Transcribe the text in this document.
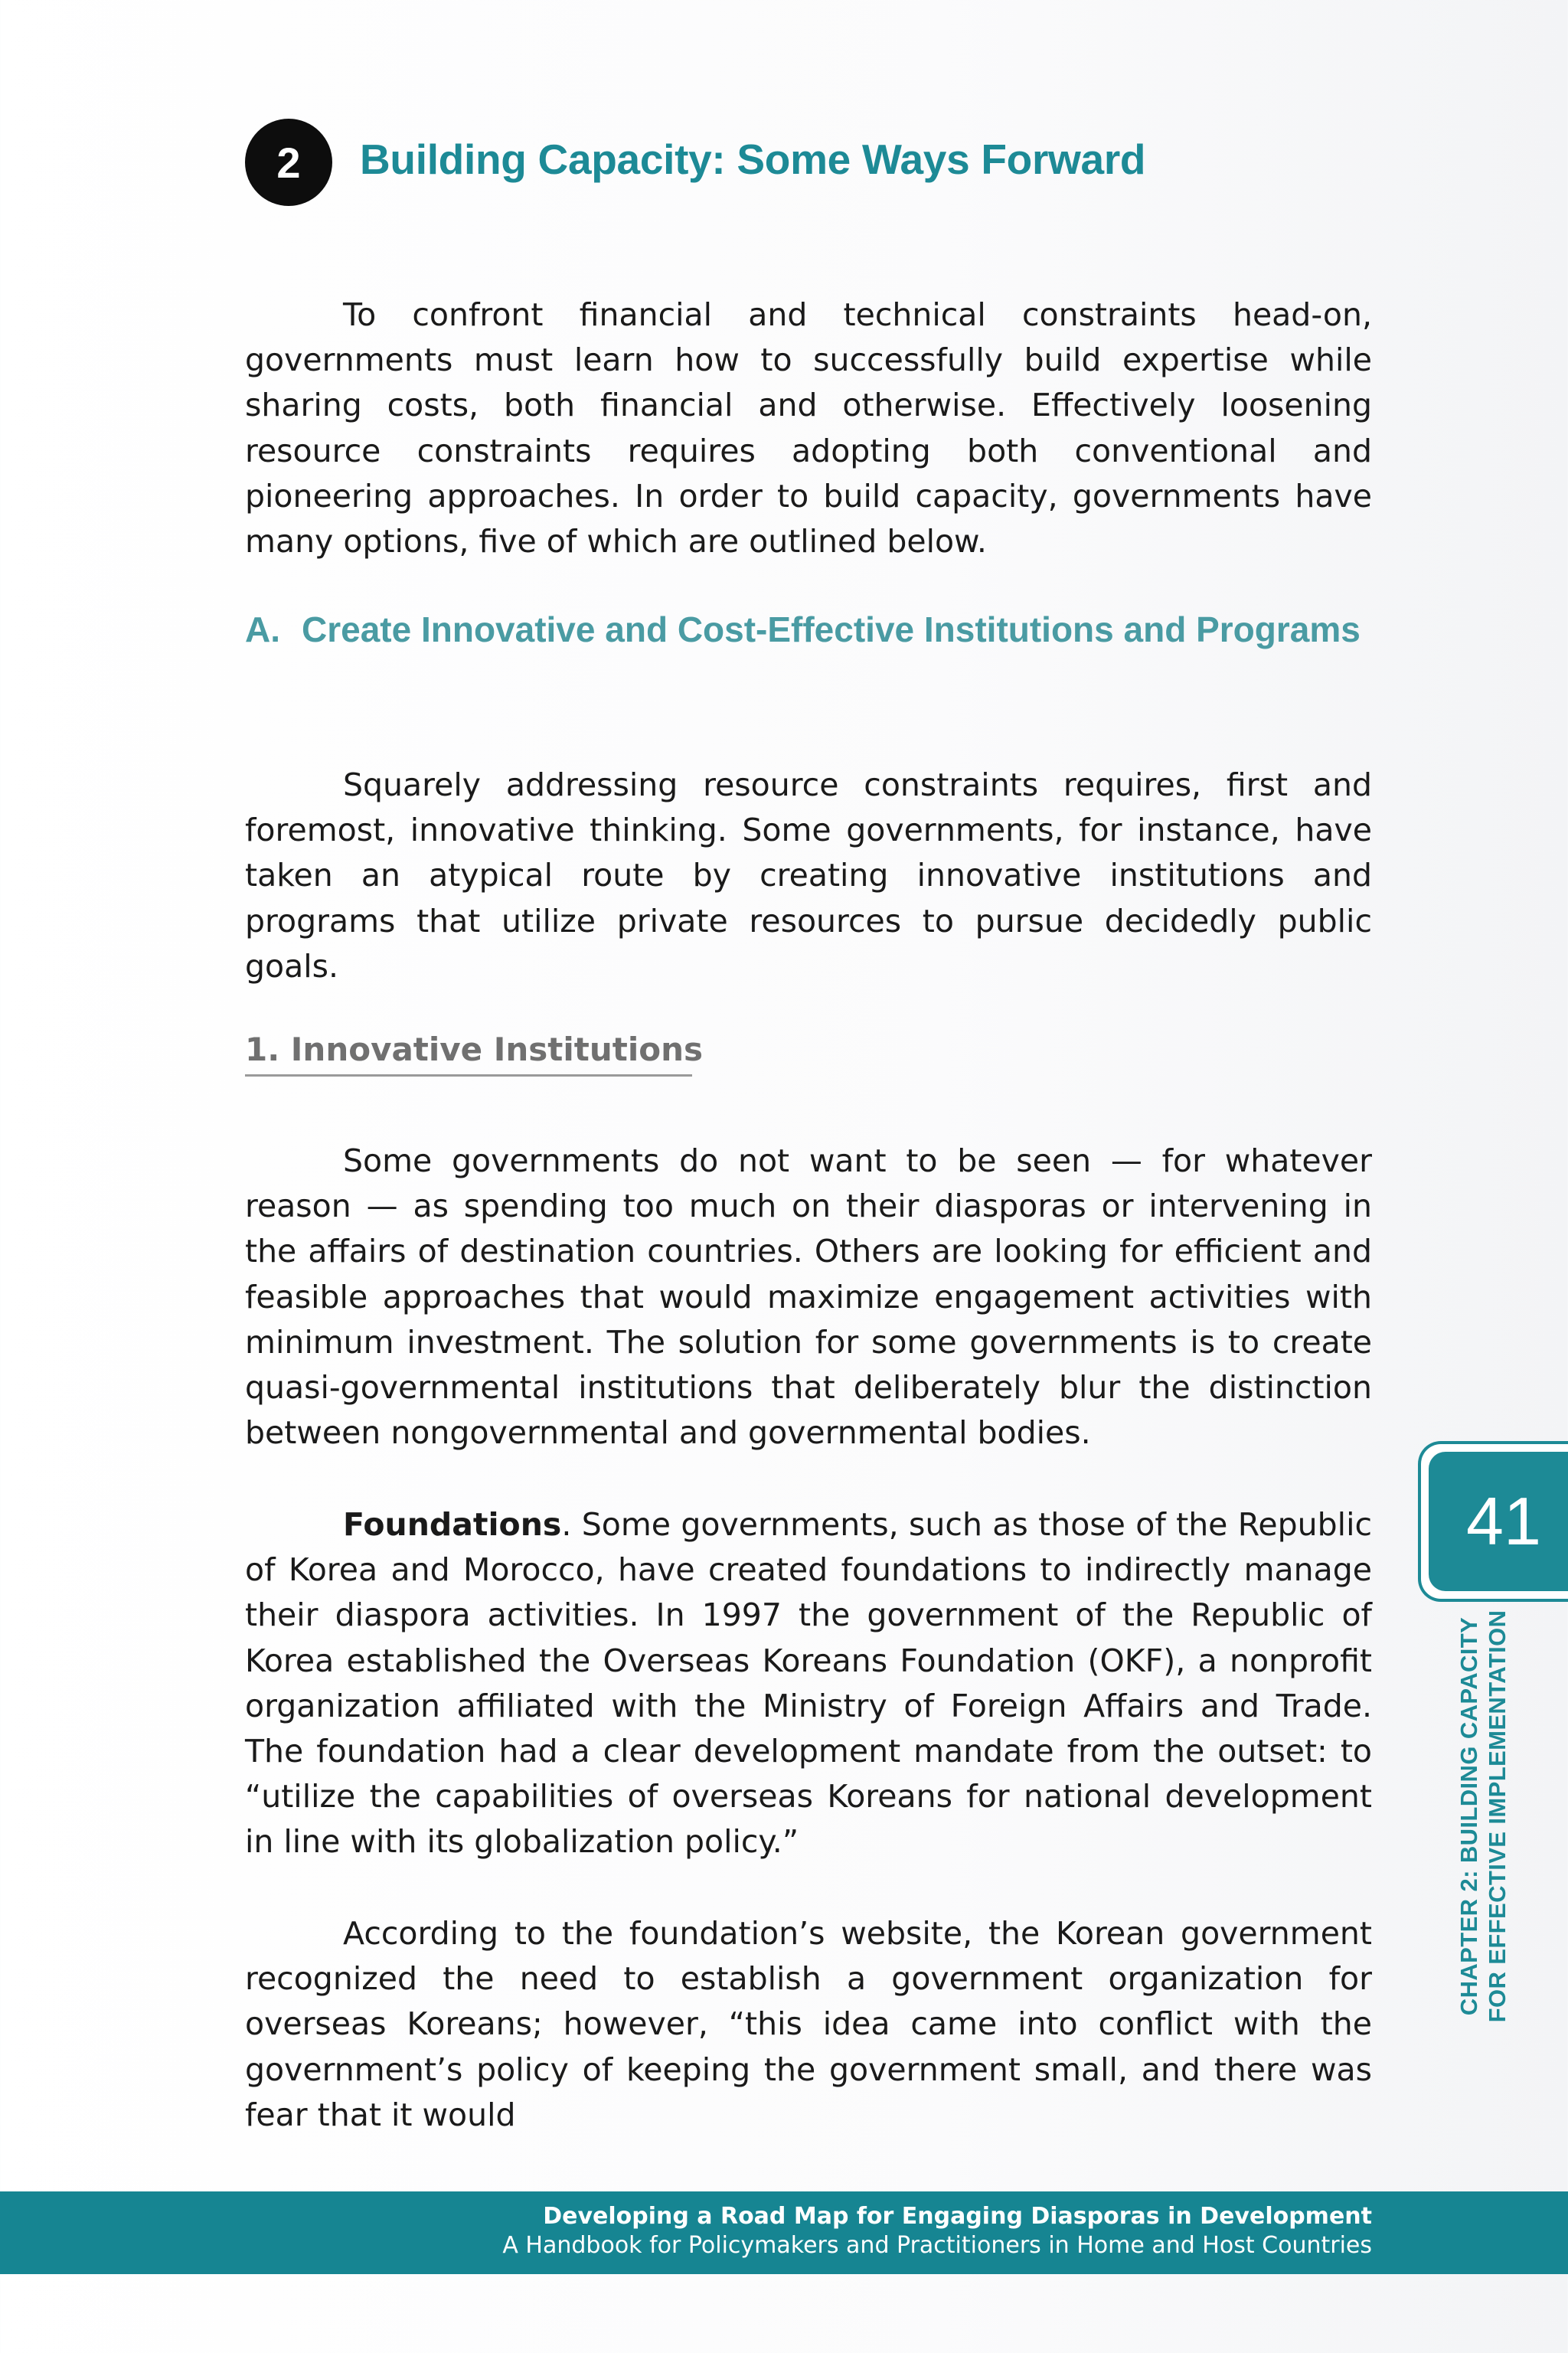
2	Building Capacity: Some Ways Forward

To confront financial and technical constraints head-on, governments must learn how to successfully build expertise while sharing costs, both financial and otherwise. Effectively loosening resource constraints requires adopting both conventional and pioneering approaches. In order to build capacity, governments have many options, five of which are outlined below.

A. Create Innovative and Cost-Effective Institutions and Programs

Squarely addressing resource constraints requires, first and foremost, innovative thinking. Some governments, for instance, have taken an atypical route by creating innovative institutions and programs that utilize private resources to pursue decidedly public goals.

1. Innovative Institutions

Some governments do not want to be seen — for whatever reason — as spending too much on their diasporas or intervening in the affairs of destination countries. Others are looking for efficient and feasible approaches that would maximize engagement activities with minimum investment. The solution for some governments is to create quasi-governmental institutions that deliberately blur the distinction between nongovernmental and governmental bodies.

Foundations. Some governments, such as those of the Republic of Korea and Morocco, have created foundations to indirectly manage their diaspora activities. In 1997 the government of the Republic of Korea established the Overseas Koreans Foundation (OKF), a nonprofit organization affiliated with the Ministry of Foreign Affairs and Trade. The foundation had a clear development mandate from the outset: to “utilize the capabilities of overseas Koreans for national development in line with its globalization policy.”

According to the foundation’s website, the Korean government recognized the need to establish a government organization for overseas Koreans; however, “this idea came into conflict with the government’s policy of keeping the government small, and there was fear that it would

41
CHAPTER 2: BUILDING CAPACITY FOR EFFECTIVE IMPLEMENTATION
Developing a Road Map for Engaging Diasporas in Development
A Handbook for Policymakers and Practitioners in Home and Host Countries
